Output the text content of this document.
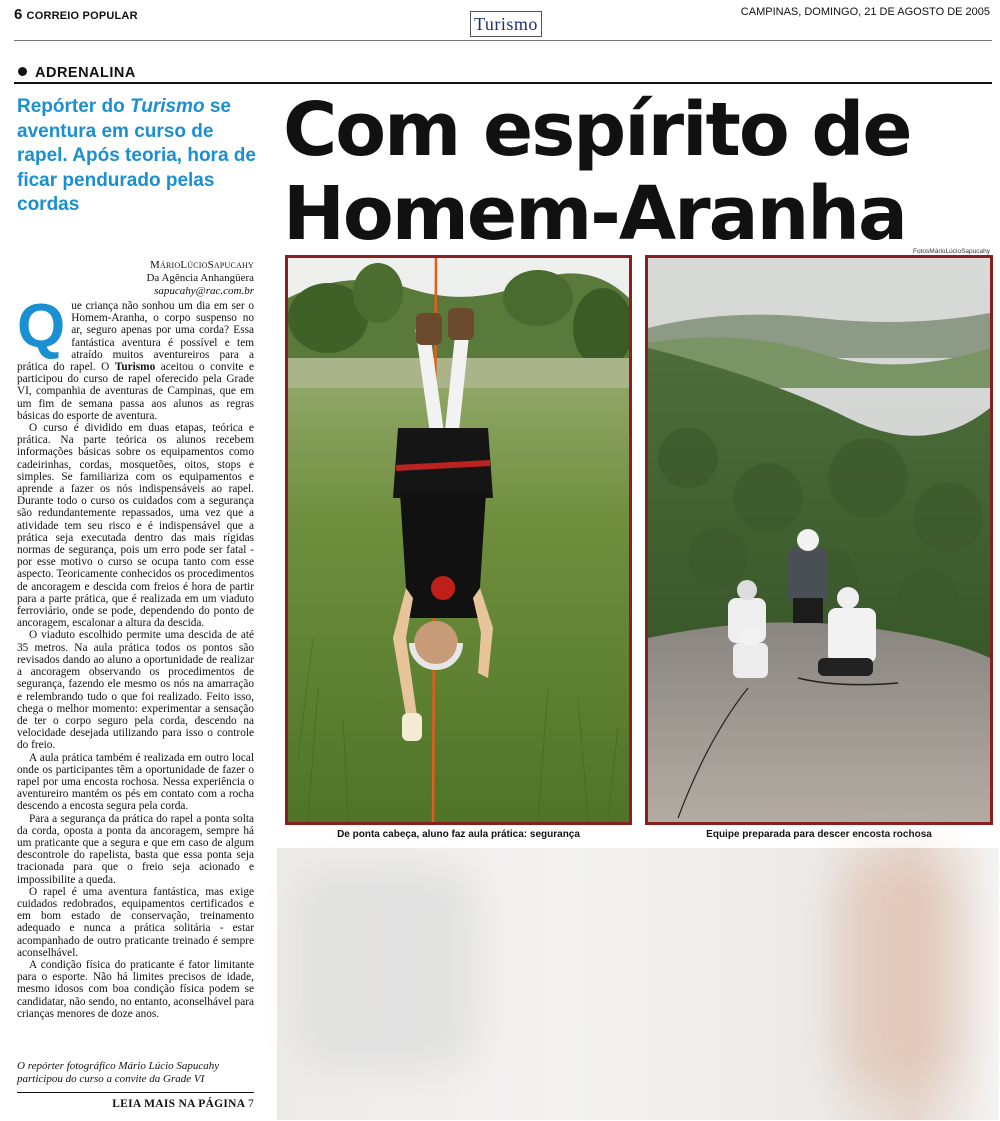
6 CORREIO POPULAR	Turismo
CAMPINAS, DOMINGO, 21 DE AGOSTO DE 2005
ADRENALINA
Repórter do Turismo se aventura em curso de rapel. Após teoria, hora de ficar pendurado pelas cordas
MárioLúcioSapucahy
Da Agência Anhangüera
sapucahy@rac.com.br

Que criança não sonhou um dia em ser o Homem-Aranha, o corpo suspenso no ar, seguro apenas por uma corda? Essa fantástica aventura é possível e tem atraído muitos aventureiros para a prática do rapel. O Turismo aceitou o convite e participou do curso de rapel oferecido pela Grade VI, companhia de aventuras de Campinas, que em um fim de semana passa aos alunos as regras básicas do esporte de aventura.

O curso é dividido em duas etapas, teórica e prática. Na parte teórica os alunos recebem informações básicas sobre os equipamentos como cadeirinhas, cordas, mosquetões, oitos, stops e simples. Se familiariza com os equipamentos e aprende a fazer os nós indispensáveis ao rapel. Durante todo o curso os cuidados com a segurança são redundantemente repassados, uma vez que a atividade tem seu risco e é indispensável que a prática seja executada dentro das mais rígidas normas de segurança, pois um erro pode ser fatal - por esse motivo o curso se ocupa tanto com esse aspecto. Teoricamente conhecidos os procedimentos de ancoragem e descida com freios é hora de partir para a parte prática, que é realizada em um viaduto ferroviário, onde se pode, dependendo do ponto de ancoragem, escalonar a altura da descida.

O viaduto escolhido permite uma descida de até 35 metros. Na aula prática todos os pontos são revisados dando ao aluno a oportunidade de realizar a ancoragem observando os procedimentos de segurança, fazendo ele mesmo os nós na amarração e relembrando tudo o que foi realizado. Feito isso, chega o melhor momento: experimentar a sensação de ter o corpo seguro pela corda, descendo na velocidade desejada utilizando para isso o controle do freio.

A aula prática também é realizada em outro local onde os participantes têm a oportunidade de fazer o rapel por uma encosta rochosa. Nessa experiência o aventureiro mantém os pés em contato com a rocha descendo a encosta segura pela corda.

Para a segurança da prática do rapel a ponta solta da corda, oposta a ponta da ancoragem, sempre há um praticante que a segura e que em caso de algum descontrole do rapelista, basta que essa ponta seja tracionada para que o freio seja acionado e impossibilite a queda.

O rapel é uma aventura fantástica, mas exige cuidados redobrados, equipamentos certificados e em bom estado de conservação, treinamento adequado e nunca a prática solitária - estar acompanhado de outro praticante treinado é sempre aconselhável.

A condição física do praticante é fator limitante para o esporte. Não há limites precisos de idade, mesmo idosos com boa condição física podem se candidatar, não sendo, no entanto, aconselhável para crianças menores de doze anos.

O repórter fotográfico Mário Lúcio Sapucahy participou do curso a convite da Grade VI
LEIA MAIS NA PÁGINA 7
Com espírito de
Homem-Aranha	FotosMárioLúcioSapucahy
De ponta cabeça, aluno faz aula prática: segurança	Equipe preparada para descer encosta rochosa
